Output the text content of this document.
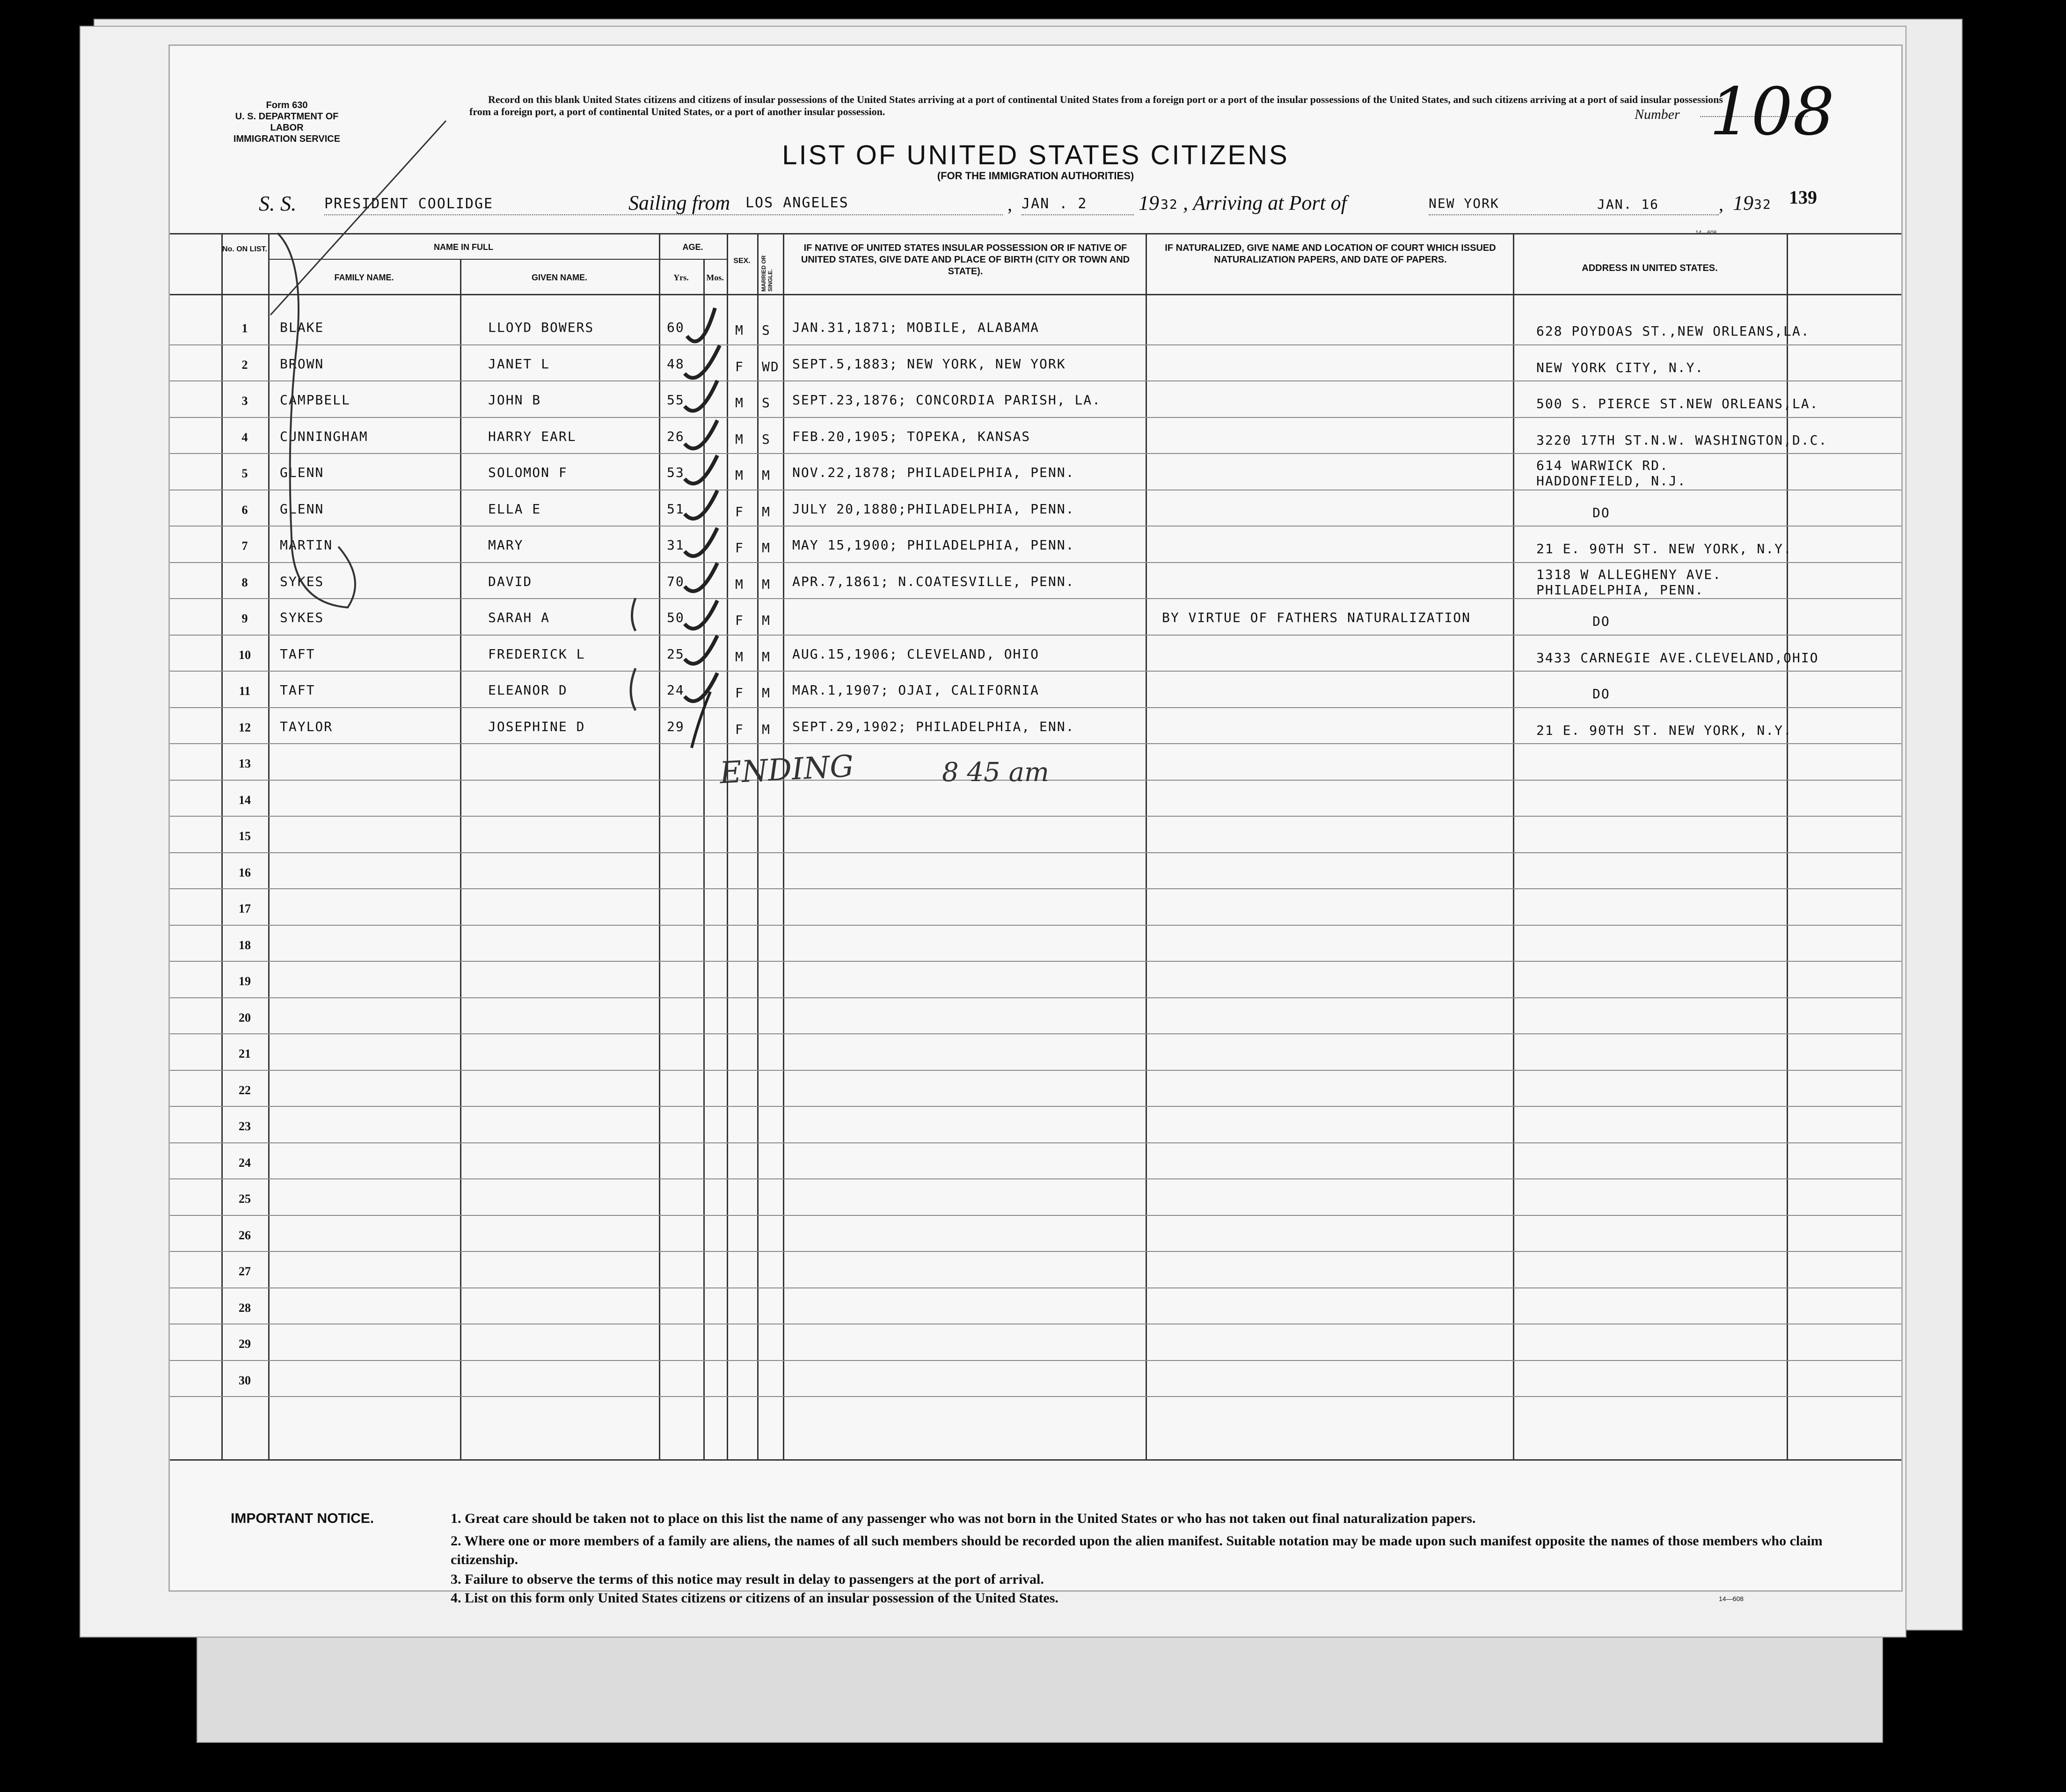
Form 630
U. S. DEPARTMENT OF LABOR
IMMIGRATION SERVICE
Record on this blank United States citizens and citizens of insular possessions of the United States arriving at a port of continental United States from a foreign port or a port of the insular possessions of the United States, and such citizens arriving at a port of said insular possessions from a foreign port, a port of continental United States, or a port of another insular possession.	Number 108
LIST OF UNITED STATES CITIZENS
(FOR THE IMMIGRATION AUTHORITIES)
S. S. PRESIDENT COOLIDGE	Sailing from LOS ANGELES	, JAN . 2 19 32 , Arriving at Port of	NEW YORK	JAN. 16	, 19 32 139
14—608
No. ON LIST.	NAME IN FULL
FAMILY NAME.	GIVEN NAME.
AGE.
Yrs.	Mos.
SEX.	MARRIED OR SINGLE.
IF NATIVE OF UNITED STATES INSULAR POSSESSION OR IF NATIVE OF UNITED STATES, GIVE DATE AND PLACE OF BIRTH (CITY OR TOWN AND STATE).
IF NATURALIZED, GIVE NAME AND LOCATION OF COURT WHICH ISSUED NATURALIZATION PAPERS, AND DATE OF PAPERS.
ADDRESS IN UNITED STATES.
1	BLAKE	LLOYD BOWERS	60	M S JAN.31,1871; MOBILE, ALABAMA	628 POYDOAS ST.,NEW ORLEANS,LA.
2	BROWN	JANET L	48	F WD SEPT.5,1883; NEW YORK, NEW YORK	NEW YORK CITY, N.Y.
3	CAMPBELL	JOHN B	55	M S SEPT.23,1876; CONCORDIA PARISH, LA.	500 S. PIERCE ST.NEW ORLEANS,LA.
4	CUNNINGHAM	HARRY EARL	26	M S FEB.20,1905; TOPEKA, KANSAS	3220 17TH ST.N.W. WASHINGTON,D.C.
5	GLENN	SOLOMON F	53	M M NOV.22,1878; PHILADELPHIA, PENN.	614 WARWICK RD.
HADDONFIELD, N.J.
6	GLENN	ELLA E	51	F M JULY 20,1880;PHILADELPHIA, PENN.	DO
7	MARTIN	MARY	31	F M MAY 15,1900; PHILADELPHIA, PENN.	21 E. 90TH ST. NEW YORK, N.Y.
8	SYKES	DAVID	70	M M APR.7,1861; N.COATESVILLE, PENN.	1318 W ALLEGHENY AVE.
PHILADELPHIA, PENN.
9	SYKES	SARAH A	50	F M	BY VIRTUE OF FATHERS NATURALIZATION	DO
10	TAFT	FREDERICK L	25	M M AUG.15,1906; CLEVELAND, OHIO	3433 CARNEGIE AVE.CLEVELAND,OHIO
11	TAFT	ELEANOR D	24	F M MAR.1,1907; OJAI, CALIFORNIA	DO
12	TAYLOR	JOSEPHINE D	29	F M SEPT.29,1902; PHILADELPHIA, ENN.	21 E. 90TH ST. NEW YORK, N.Y.
13
14
15
16
17
18
19
20
21
22
23
24
25
26
27
28
29
30
ENDING	8 45 am
IMPORTANT NOTICE.	1. Great care should be taken not to place on this list the name of any passenger who was not born in the United States or who has not taken out final naturalization papers.
2. Where one or more members of a family are aliens, the names of all such members should be recorded upon the alien manifest. Suitable notation may be made upon such manifest opposite the names of those members who claim citizenship.
3. Failure to observe the terms of this notice may result in delay to passengers at the port of arrival.
4. List on this form only United States citizens or citizens of an insular possession of the United States.	14—608
